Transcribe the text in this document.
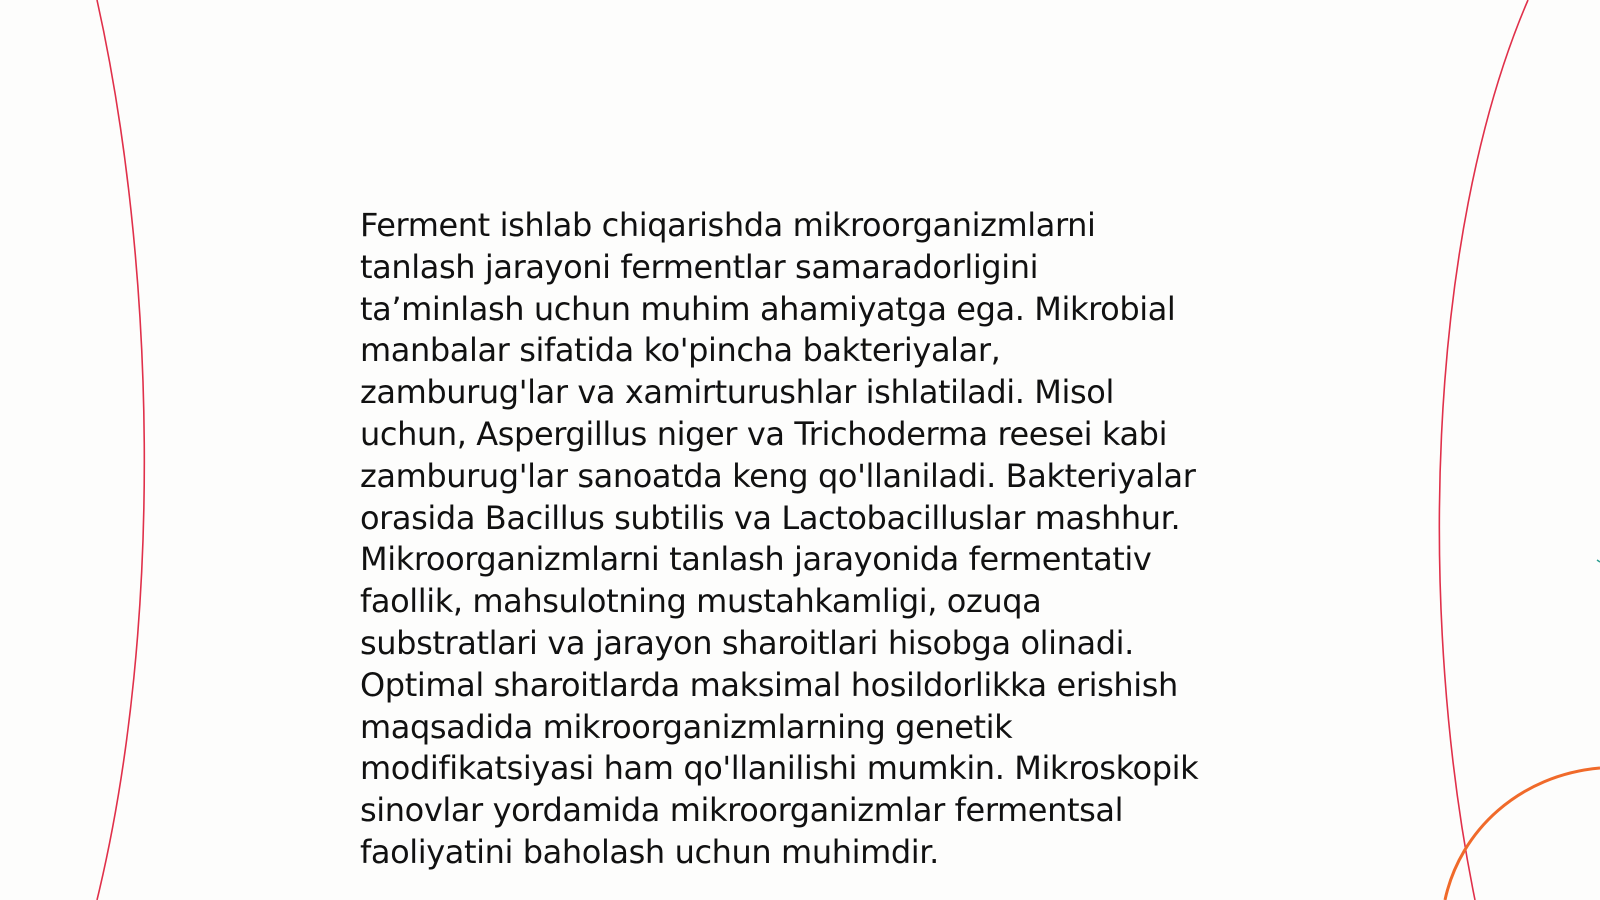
Ferment ishlab chiqarishda mikroorganizmlarni
tanlash jarayoni fermentlar samaradorligini
ta’minlash uchun muhim ahamiyatga ega. Mikrobial
manbalar sifatida ko'pincha bakteriyalar,
zamburug'lar va xamirturushlar ishlatiladi. Misol
uchun, Aspergillus niger va Trichoderma reesei kabi
zamburug'lar sanoatda keng qo'llaniladi. Bakteriyalar
orasida Bacillus subtilis va Lactobacilluslar mashhur.
Mikroorganizmlarni tanlash jarayonida fermentativ
faollik, mahsulotning mustahkamligi, ozuqa
substratlari va jarayon sharoitlari hisobga olinadi.
Optimal sharoitlarda maksimal hosildorlikka erishish
maqsadida mikroorganizmlarning genetik
modifikatsiyasi ham qo'llanilishi mumkin. Mikroskopik
sinovlar yordamida mikroorganizmlar fermentsal
faoliyatini baholash uchun muhimdir.
